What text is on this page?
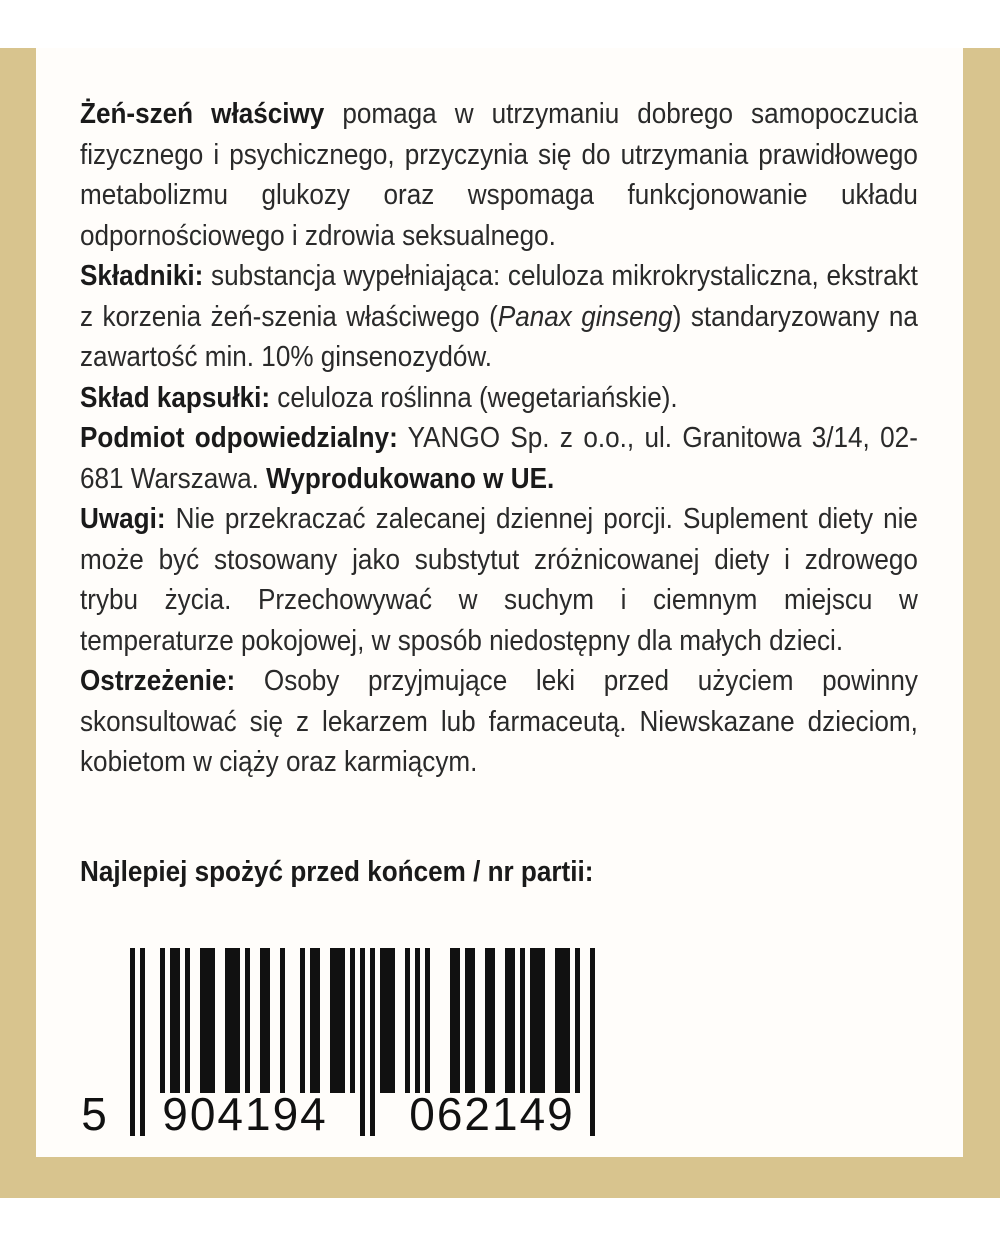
Żeń-szeń właściwy pomaga w utrzymaniu dobrego samopoczucia fizycznego i psychicznego, przyczynia się do utrzymania prawidłowego metabolizmu glukozy oraz wspomaga funkcjonowanie układu odpornościowego i zdrowia seksualnego.

Składniki: substancja wypełniająca: celuloza mikrokrystaliczna, ekstrakt z korzenia żeń-szenia właściwego (Panax ginseng) standaryzowany na zawartość min. 10% ginsenozydów.

Skład kapsułki: celuloza roślinna (wegetariańskie).

Podmiot odpowiedzialny: YANGO Sp. z o.o., ul. Granitowa 3/14, 02-681 Warszawa. Wyprodukowano w UE.

Uwagi: Nie przekraczać zalecanej dziennej porcji. Suplement diety nie może być stosowany jako substytut zróżnicowanej diety i zdrowego trybu życia. Przechowywać w suchym i ciemnym miejscu w temperaturze pokojowej, w sposób niedostępny dla małych dzieci.

Ostrzeżenie: Osoby przyjmujące leki przed użyciem powinny skonsultować się z lekarzem lub farmaceutą. Niewskazane dzieciom, kobietom w ciąży oraz karmiącym.

Najlepiej spożyć przed końcem / nr partii:
5 904194 062149
